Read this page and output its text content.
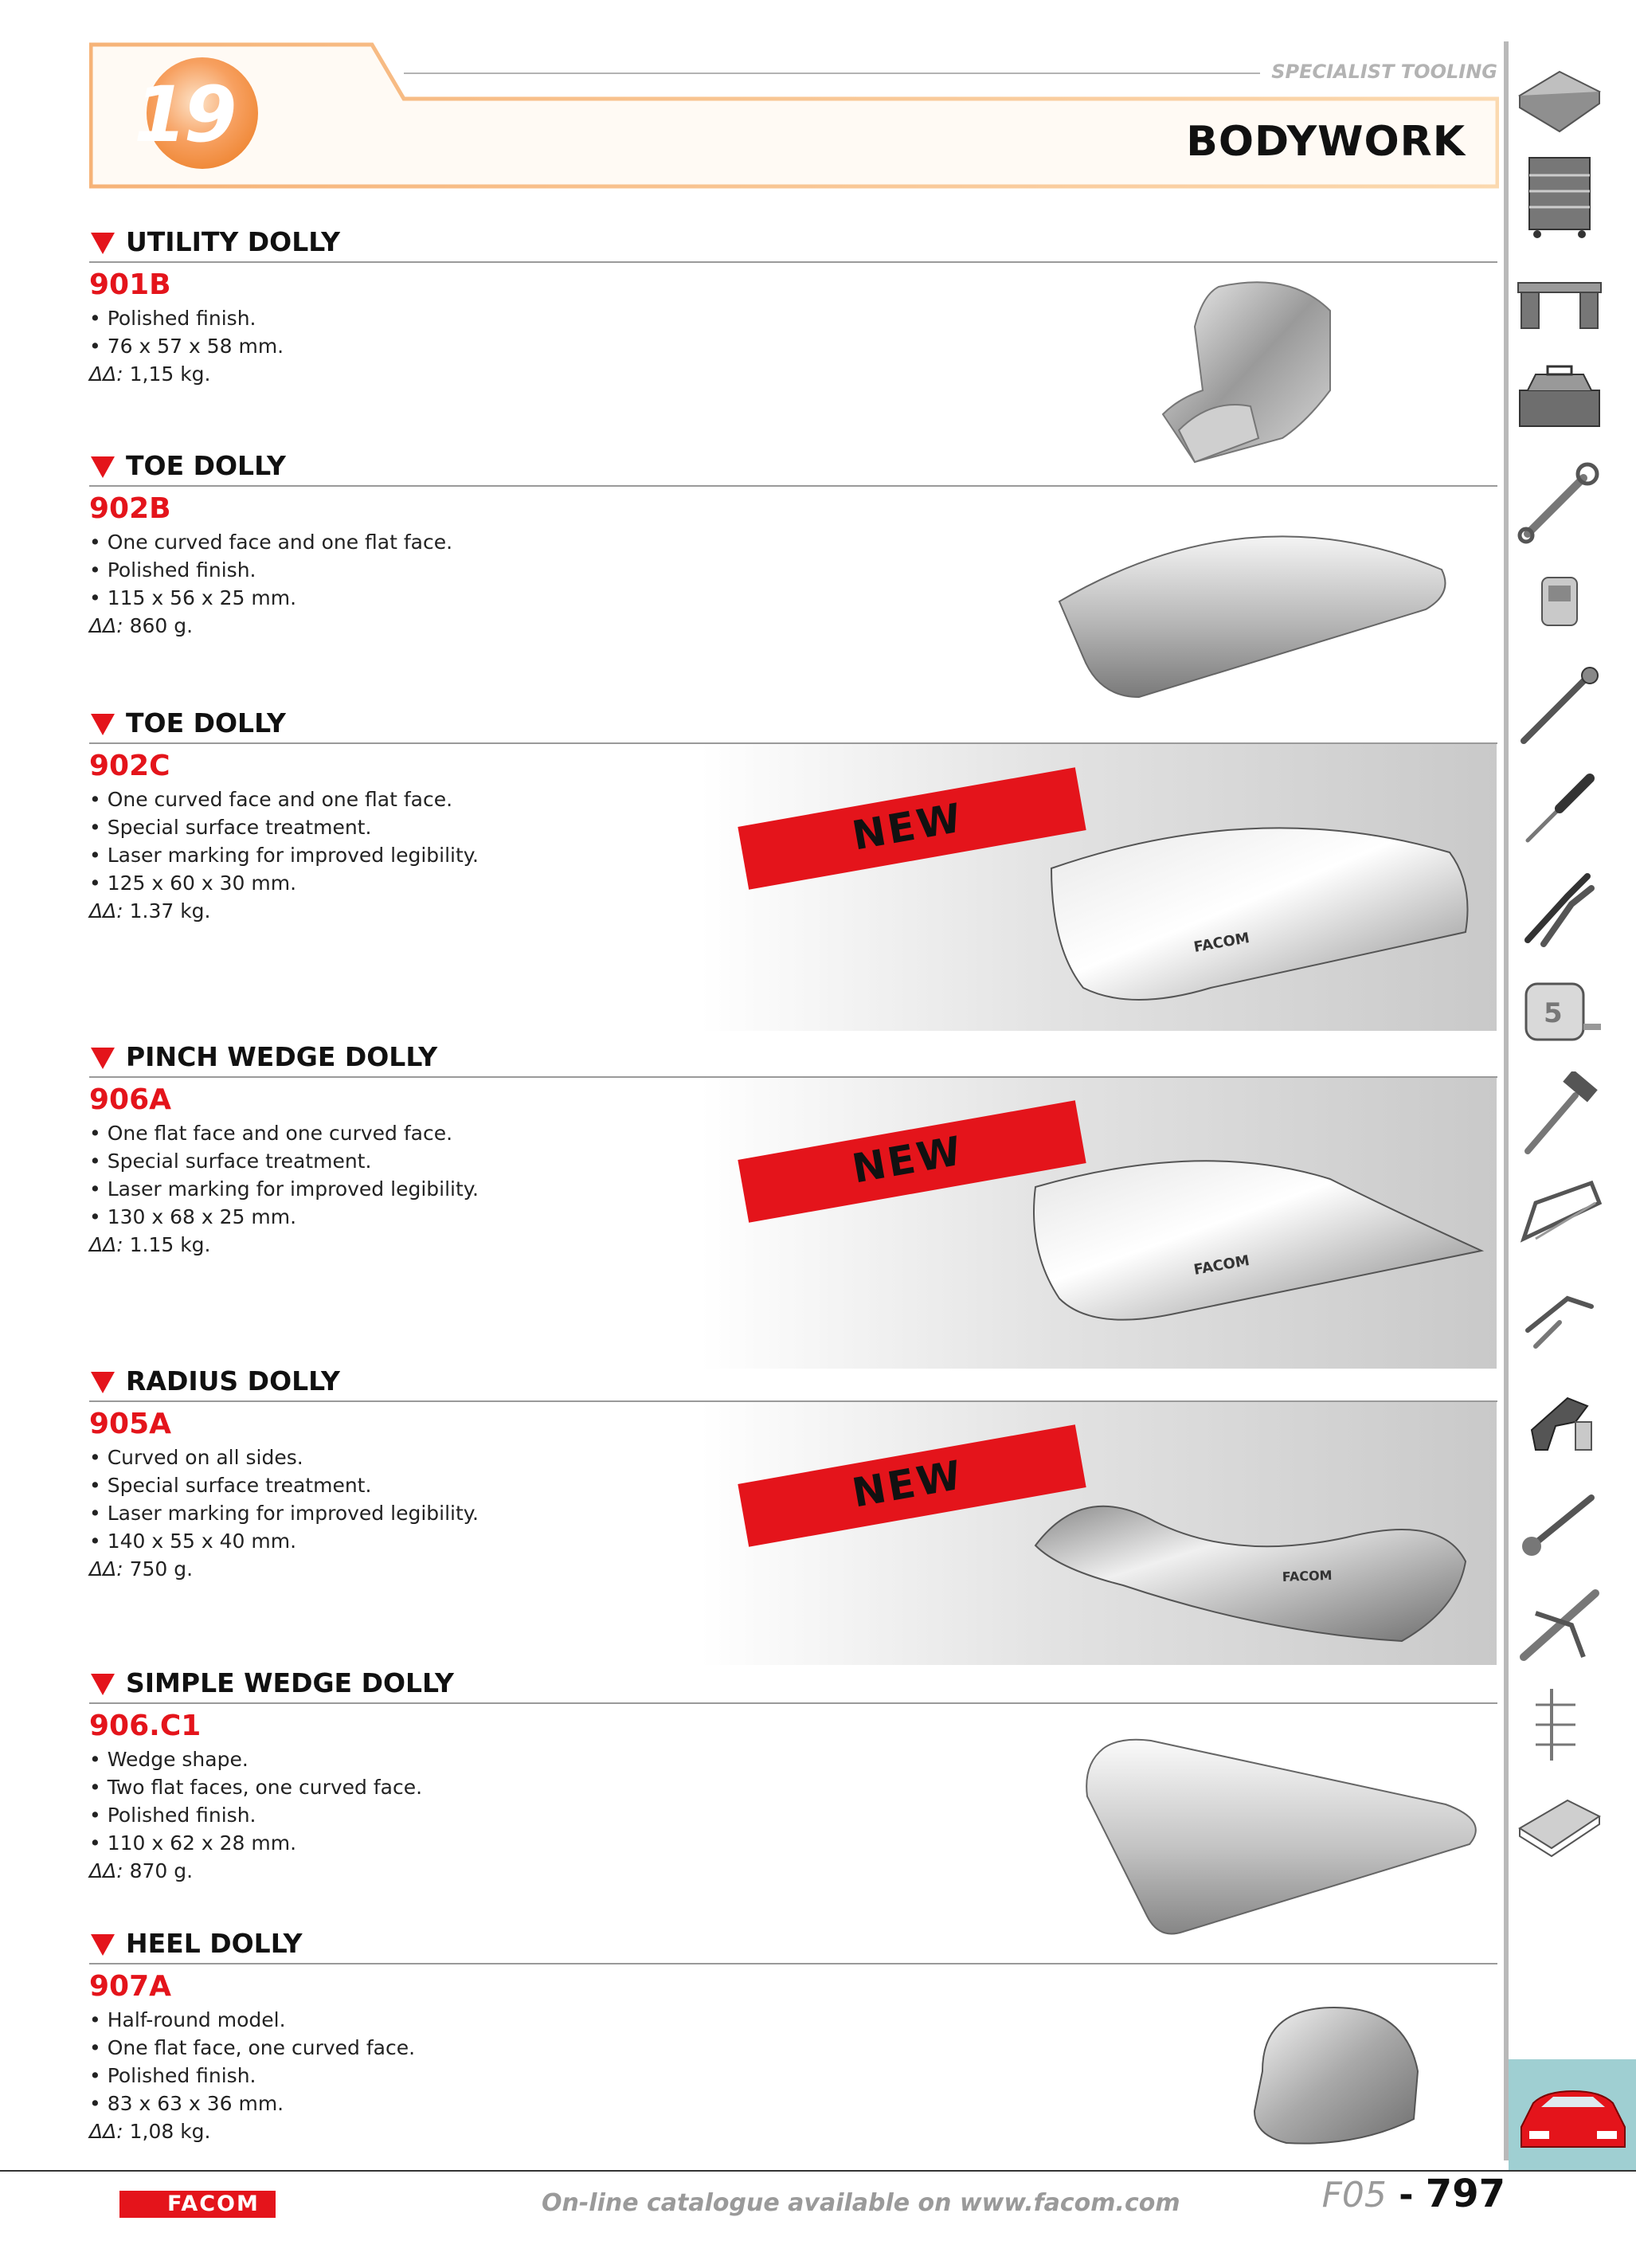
19	SPECIALIST TOOLING
BODYWORK
UTILITY DOLLY
901B
• Polished finish.
• 76 x 57 x 58 mm.
ΔΔ: 1,15 kg.
TOE DOLLY
902B
• One curved face and one flat face.
• Polished finish.
• 115 x 56 x 25 mm.
ΔΔ: 860 g.
TOE DOLLY
902C
• One curved face and one flat face.
• Special surface treatment.
• Laser marking for improved legibility.
• 125 x 60 x 30 mm.
ΔΔ: 1.37 kg.
NEW
FACOM
PINCH WEDGE DOLLY
906A
• One flat face and one curved face.
• Special surface treatment.
• Laser marking for improved legibility.
• 130 x 68 x 25 mm.
ΔΔ: 1.15 kg.
NEW
FACOM
RADIUS DOLLY
905A
• Curved on all sides.
• Special surface treatment.
• Laser marking for improved legibility.
• 140 x 55 x 40 mm.
ΔΔ: 750 g.
NEW
FACOM
SIMPLE WEDGE DOLLY
906.C1
• Wedge shape.
• Two flat faces, one curved face.
• Polished finish.
• 110 x 62 x 28 mm.
ΔΔ: 870 g.
HEEL DOLLY
907A
• Half-round model.
• One flat face, one curved face.
• Polished finish.
• 83 x 63 x 36 mm.
ΔΔ: 1,08 kg.
5
FACOM	On-line catalogue available on www.facom.com	F05 - 797
